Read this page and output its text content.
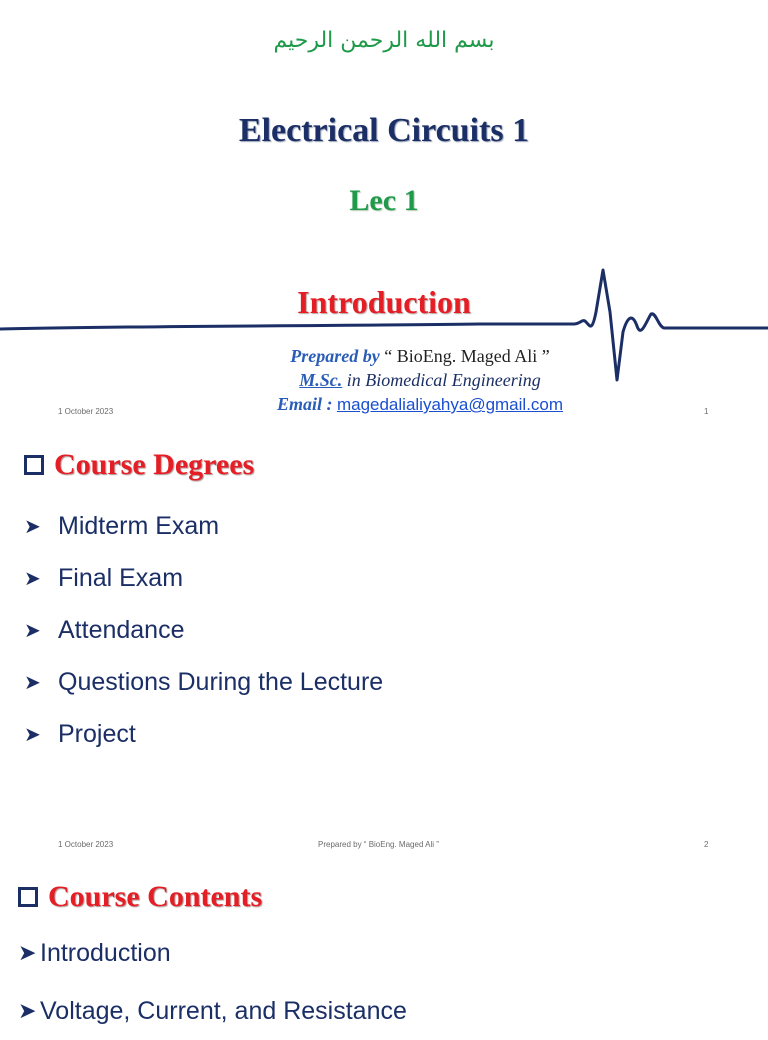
بسم الله الرحمن الرحيم
Electrical Circuits 1
Lec 1
Introduction
Prepared by “ BioEng. Maged Ali ”
M.Sc. in Biomedical Engineering
Email : magedalialiyahya@gmail.com
1 October 2023	1
Course Degrees
➤ Midterm Exam
➤ Final Exam
➤ Attendance
➤ Questions During the Lecture
➤ Project
1 October 2023	Prepared by “ BioEng. Maged Ali ”	2
Course Contents
➤ Introduction
➤ Voltage, Current, and Resistance
